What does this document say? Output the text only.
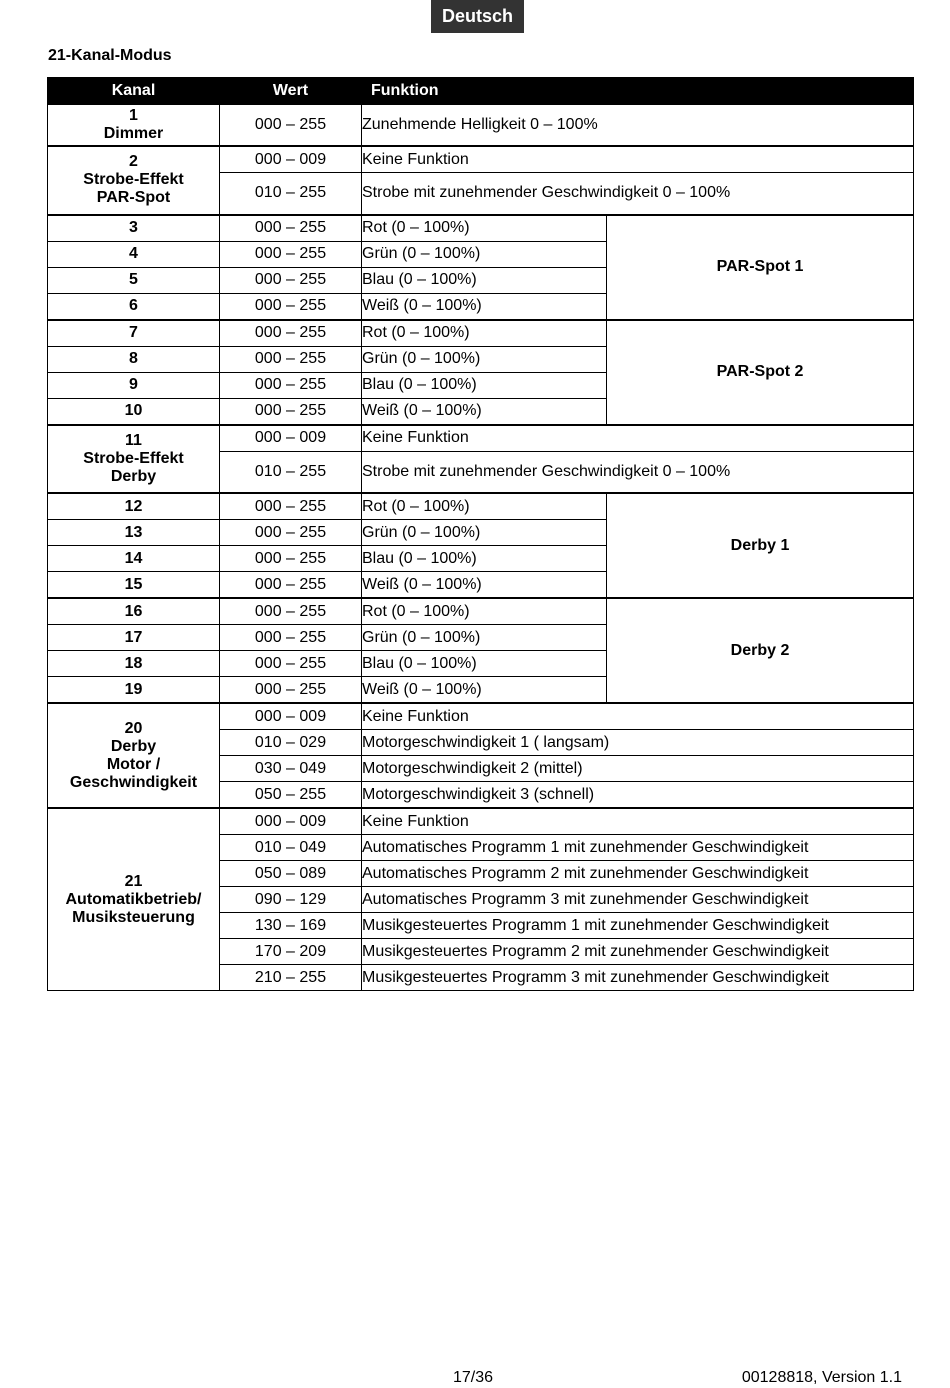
Deutsch
21-Kanal-Modus
Kanal	Wert	Funktion	

1
Dimmer	000 – 255	Zunehmende Helligkeit 0 – 100%	

2
Strobe-Effekt
PAR-Spot	000 – 009	Keine Funktion	
	010 – 255	Strobe mit zunehmender Geschwindigkeit 0 – 100%	
3	000 – 255	Rot (0 – 100%)	PAR-Spot 1
4	000 – 255	Grün (0 – 100%)	
5	000 – 255	Blau (0 – 100%)	
6	000 – 255	Weiß (0 – 100%)	
7	000 – 255	Rot (0 – 100%)	PAR-Spot 2
8	000 – 255	Grün (0 – 100%)	
9	000 – 255	Blau (0 – 100%)	
10	000 – 255	Weiß (0 – 100%)	

11
Strobe-Effekt
Derby	000 – 009	Keine Funktion	
	010 – 255	Strobe mit zunehmender Geschwindigkeit 0 – 100%	
12	000 – 255	Rot (0 – 100%)	Derby 1
13	000 – 255	Grün (0 – 100%)	
14	000 – 255	Blau (0 – 100%)	
15	000 – 255	Weiß (0 – 100%)	
16	000 – 255	Rot (0 – 100%)	Derby 2
17	000 – 255	Grün (0 – 100%)	
18	000 – 255	Blau (0 – 100%)	
19	000 – 255	Weiß (0 – 100%)	

20
Derby
Motor /
Geschwindigkeit	000 – 009	Keine Funktion	
	010 – 029	Motorgeschwindigkeit 1 ( langsam)	
	030 – 049	Motorgeschwindigkeit 2 (mittel)	
	050 – 255	Motorgeschwindigkeit 3 (schnell)	

21
Automatikbetrieb/
Musiksteuerung	000 – 009	Keine Funktion	
	010 – 049	Automatisches Programm 1 mit zunehmender Geschwindigkeit	
	050 – 089	Automatisches Programm 2 mit zunehmender Geschwindigkeit	
	090 – 129	Automatisches Programm 3 mit zunehmender Geschwindigkeit	
	130 – 169	Musikgesteuertes Programm 1 mit zunehmender Geschwindigkeit	
	170 – 209	Musikgesteuertes Programm 2 mit zunehmender Geschwindigkeit	
	210 – 255	Musikgesteuertes Programm 3 mit zunehmender Geschwindigkeit	
17/36	00128818, Version 1.1
